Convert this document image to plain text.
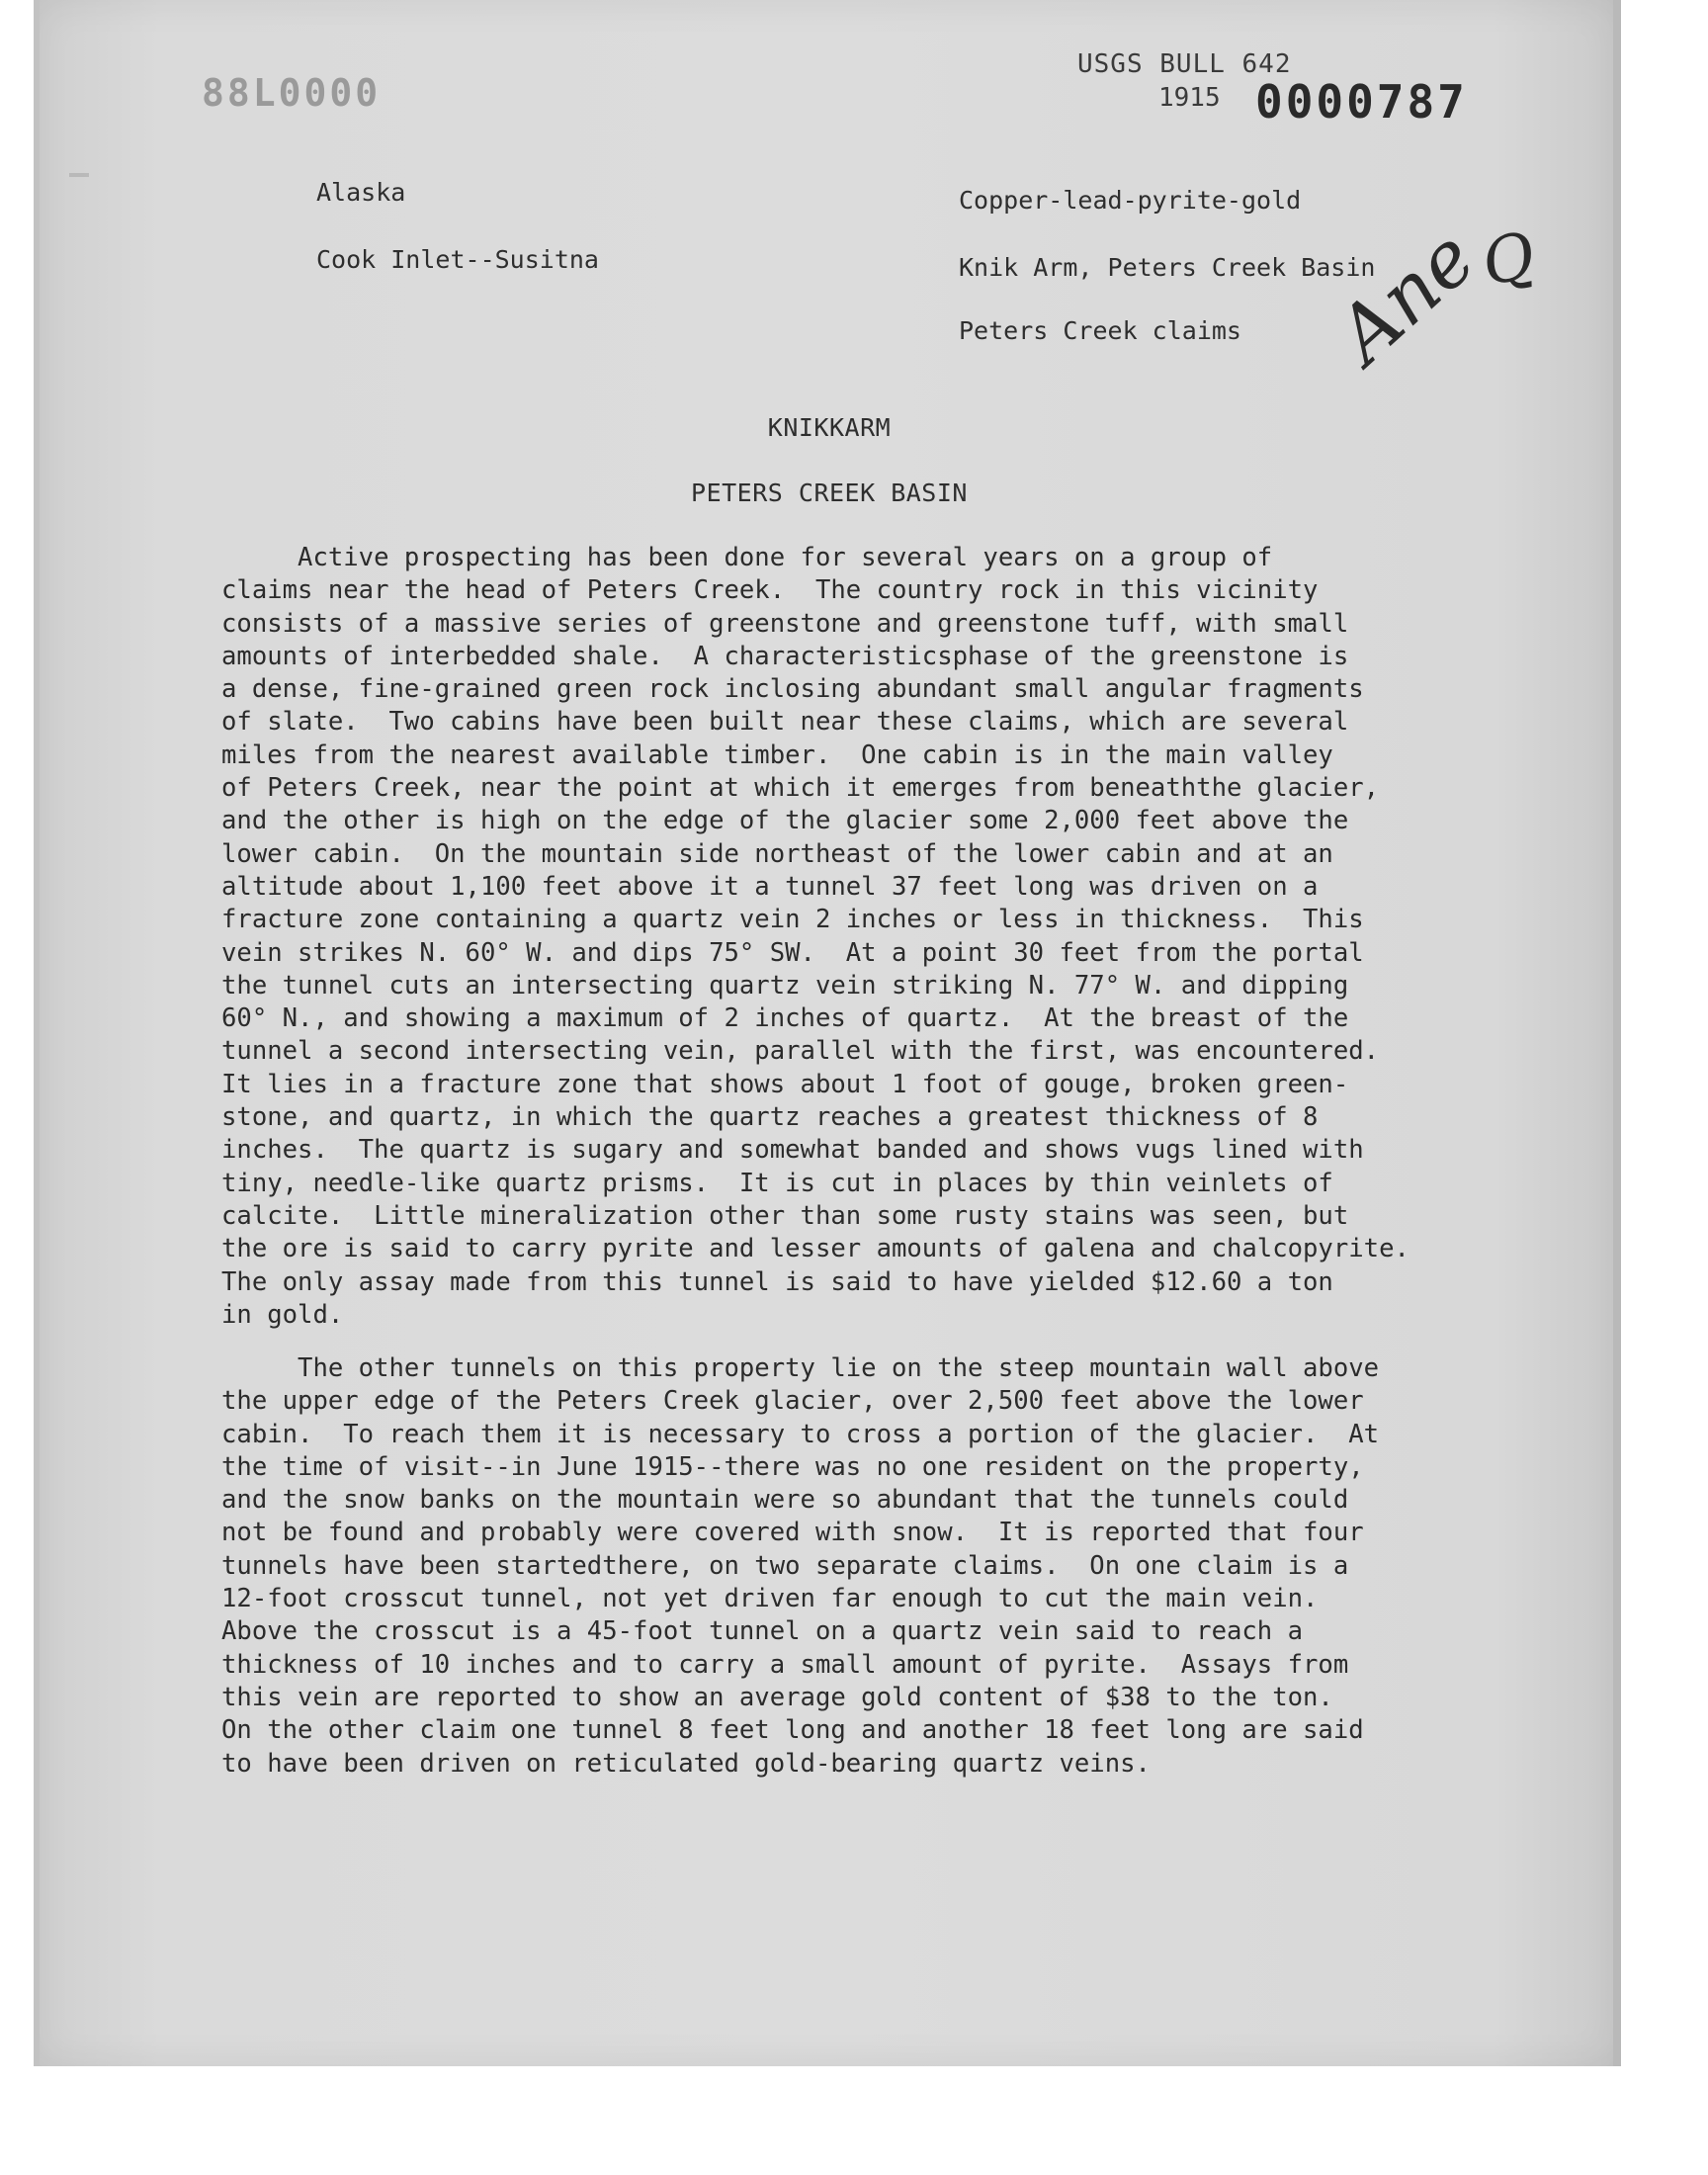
88L0000
USGS BULL 642
1915 0000787
Alaska
Cook Inlet--Susitna
Copper-lead-pyrite-gold
Knik Arm, Peters Creek Basin
Peters Creek claims Ane
Q
KNIKKARM
PETERS CREEK BASIN
Active prospecting has been done for several years on a group of
claims near the head of Peters Creek.  The country rock in this vicinity
consists of a massive series of greenstone and greenstone tuff, with small
amounts of interbedded shale.  A characteristicsphase of the greenstone is
a dense, fine-grained green rock inclosing abundant small angular fragments
of slate.  Two cabins have been built near these claims, which are several
miles from the nearest available timber.  One cabin is in the main valley
of Peters Creek, near the point at which it emerges from beneaththe glacier,
and the other is high on the edge of the glacier some 2,000 feet above the
lower cabin.  On the mountain side northeast of the lower cabin and at an
altitude about 1,100 feet above it a tunnel 37 feet long was driven on a
fracture zone containing a quartz vein 2 inches or less in thickness.  This
vein strikes N. 60° W. and dips 75° SW.  At a point 30 feet from the portal
the tunnel cuts an intersecting quartz vein striking N. 77° W. and dipping
60° N., and showing a maximum of 2 inches of quartz.  At the breast of the
tunnel a second intersecting vein, parallel with the first, was encountered.
It lies in a fracture zone that shows about 1 foot of gouge, broken green-
stone, and quartz, in which the quartz reaches a greatest thickness of 8
inches.  The quartz is sugary and somewhat banded and shows vugs lined with
tiny, needle-like quartz prisms.  It is cut in places by thin veinlets of
calcite.  Little mineralization other than some rusty stains was seen, but
the ore is said to carry pyrite and lesser amounts of galena and chalcopyrite.
The only assay made from this tunnel is said to have yielded $12.60 a ton
in gold.
The other tunnels on this property lie on the steep mountain wall above
the upper edge of the Peters Creek glacier, over 2,500 feet above the lower
cabin.  To reach them it is necessary to cross a portion of the glacier.  At
the time of visit--in June 1915--there was no one resident on the property,
and the snow banks on the mountain were so abundant that the tunnels could
not be found and probably were covered with snow.  It is reported that four
tunnels have been startedthere, on two separate claims.  On one claim is a
12-foot crosscut tunnel, not yet driven far enough to cut the main vein.
Above the crosscut is a 45-foot tunnel on a quartz vein said to reach a
thickness of 10 inches and to carry a small amount of pyrite.  Assays from
this vein are reported to show an average gold content of $38 to the ton.
On the other claim one tunnel 8 feet long and another 18 feet long are said
to have been driven on reticulated gold-bearing quartz veins.
